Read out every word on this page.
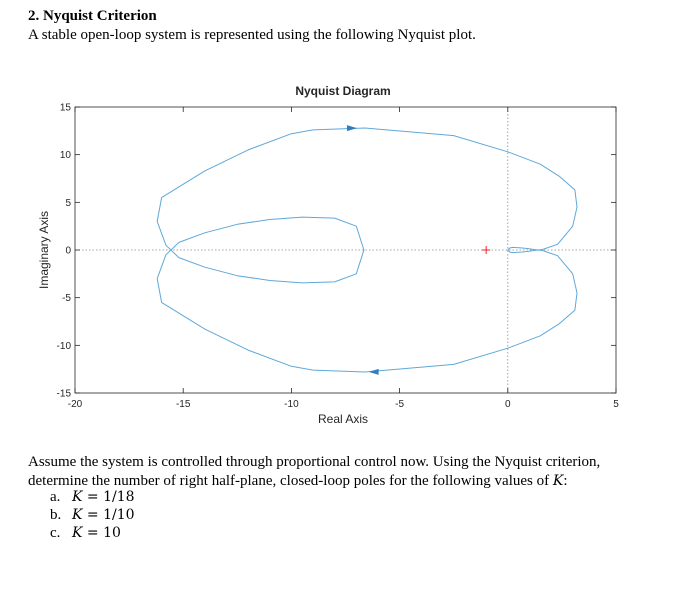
2. Nyquist Criterion
A stable open-loop system is represented using the following Nyquist plot.
Nyquist Diagram
-20	-15	-10	-5	0	5
-15
-10
-5
0
5
10
15
Real Axis
Imaginary Axis
Assume the system is controlled through proportional control now. Using the Nyquist criterion,
determine the number of right half-plane, closed-loop poles for the following values of K:
a. K = 1/18
b. K = 1/10
c. K = 10
